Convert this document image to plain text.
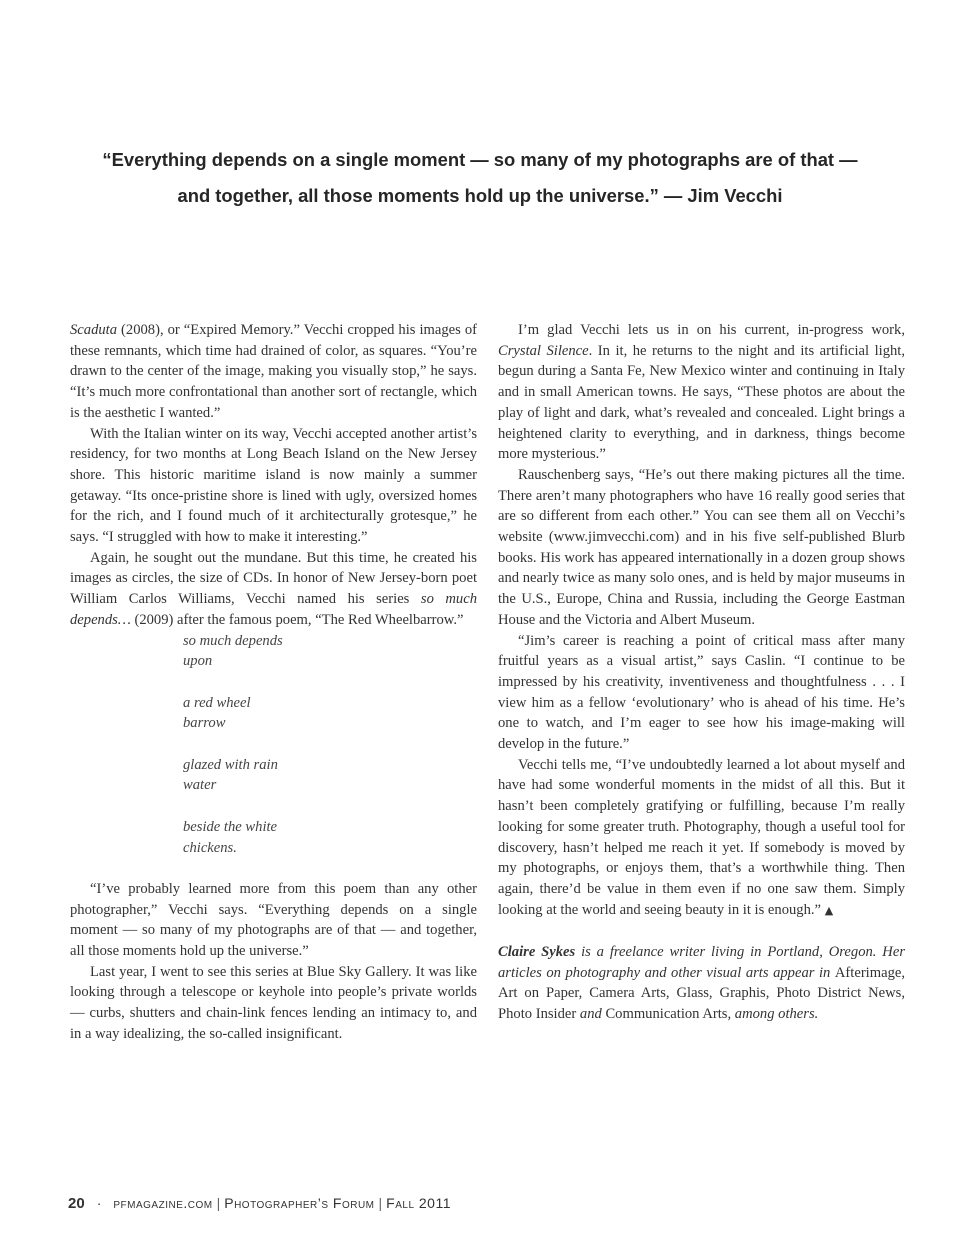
“Everything depends on a single moment — so many of my photographs are of that —
and together, all those moments hold up the universe.” — Jim Vecchi

Scaduta (2008), or “Expired Memory.” Vecchi cropped his images of these remnants, which time had drained of color, as squares. “You’re drawn to the center of the image, making you visually stop,” he says. “It’s much more confrontational than another sort of rectangle, which is the aesthetic I wanted.”

With the Italian winter on its way, Vecchi accepted another artist’s residency, for two months at Long Beach Island on the New Jersey shore. This historic maritime island is now mainly a summer getaway. “Its once-pristine shore is lined with ugly, oversized homes for the rich, and I found much of it architecturally grotesque,” he says. “I struggled with how to make it interesting.”

Again, he sought out the mundane. But this time, he created his images as circles, the size of CDs. In honor of New Jersey-born poet William Carlos Williams, Vecchi named his series so much depends… (2009) after the famous poem, “The Red Wheelbarrow.”

so much depends
upon
a red wheel
barrow
glazed with rain
water
beside the white
chickens.

“I’ve probably learned more from this poem than any other photographer,” Vecchi says. “Everything depends on a single moment — so many of my photographs are of that — and together, all those moments hold up the universe.”

Last year, I went to see this series at Blue Sky Gallery. It was like looking through a telescope or keyhole into people’s private worlds — curbs, shutters and chain-link fences lending an intimacy to, and in a way idealizing, the so-called insignificant.

I’m glad Vecchi lets us in on his current, in-progress work, Crystal Silence. In it, he returns to the night and its artificial light, begun during a Santa Fe, New Mexico winter and continuing in Italy and in small American towns. He says, “These photos are about the play of light and dark, what’s revealed and concealed. Light brings a heightened clarity to everything, and in darkness, things become more mysterious.”

Rauschenberg says, “He’s out there making pictures all the time. There aren’t many photographers who have 16 really good series that are so different from each other.” You can see them all on Vecchi’s website (www.jimvecchi.com) and in his five self-published Blurb books. His work has appeared internationally in a dozen group shows and nearly twice as many solo ones, and is held by major museums in the U.S., Europe, China and Russia, including the George Eastman House and the Victoria and Albert Museum.

“Jim’s career is reaching a point of critical mass after many fruitful years as a visual artist,” says Caslin. “I continue to be impressed by his creativity, inventiveness and thoughtfulness . . . I view him as a fellow ‘evolutionary’ who is ahead of his time. He’s one to watch, and I’m eager to see how his image-making will develop in the future.”

Vecchi tells me, “I’ve undoubtedly learned a lot about myself and have had some wonderful moments in the midst of all this. But it hasn’t been completely gratifying or fulfilling, because I’m really looking for some greater truth. Photography, though a useful tool for discovery, hasn’t helped me reach it yet. If somebody is moved by my photographs, or enjoys them, that’s a worthwhile thing. Then again, there’d be value in them even if no one saw them. Simply looking at the world and seeing beauty in it is enough.” ▲

Claire Sykes is a freelance writer living in Portland, Oregon. Her articles on photography and other visual arts appear in Afterimage, Art on Paper, Camera Arts, Glass, Graphis, Photo District News, Photo Insider and Communication Arts, among others.

20 · pfmagazine.com | Photographer’s Forum | Fall 2011
